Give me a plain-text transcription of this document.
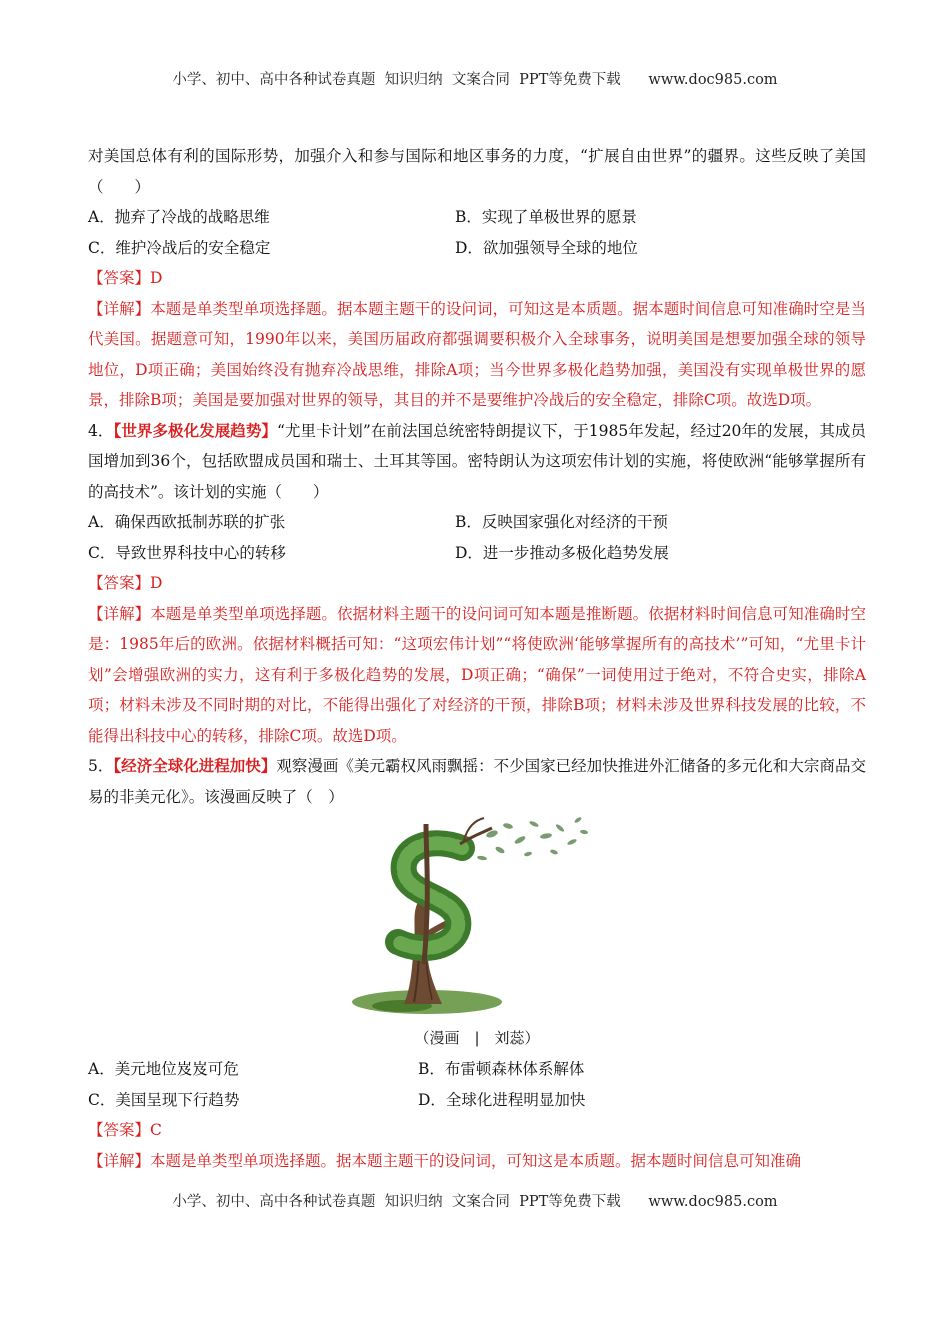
小学、初中、高中各种试卷真题  知识归纳  文案合同  PPT等免费下载      www.doc985.com

对美国总体有利的国际形势，加强介入和参与国际和地区事务的力度，“扩展自由世界”的疆界。这些反映了美国（　　）

A．抛弃了冷战的战略思维	B．实现了单极世界的愿景
C．维护冷战后的安全稳定	D．欲加强领导全球的地位

【答案】D

【详解】本题是单类型单项选择题。据本题主题干的设问词，可知这是本质题。据本题时间信息可知准确时空是当代美国。据题意可知，1990年以来，美国历届政府都强调要积极介入全球事务，说明美国是想要加强全球的领导地位，D项正确；美国始终没有抛弃冷战思维，排除A项；当今世界多极化趋势加强，美国没有实现单极世界的愿景，排除B项；美国是要加强对世界的领导，其目的并不是要维护冷战后的安全稳定，排除C项。故选D项。

4．【世界多极化发展趋势】“尤里卡计划”在前法国总统密特朗提议下，于1985年发起，经过20年的发展，其成员国增加到36个，包括欧盟成员国和瑞士、土耳其等国。密特朗认为这项宏伟计划的实施，将使欧洲“能够掌握所有的高技术”。该计划的实施（　　）

A．确保西欧抵制苏联的扩张	B．反映国家强化对经济的干预
C．导致世界科技中心的转移	D．进一步推动多极化趋势发展

【答案】D

【详解】本题是单类型单项选择题。依据材料主题干的设问词可知本题是推断题。依据材料时间信息可知准确时空是：1985年后的欧洲。依据材料概括可知：“这项宏伟计划”“将使欧洲‘能够掌握所有的高技术’”可知，“尤里卡计划”会增强欧洲的实力，这有利于多极化趋势的发展，D项正确；“确保”一词使用过于绝对，不符合史实，排除A项；材料未涉及不同时期的对比，不能得出强化了对经济的干预，排除B项；材料未涉及世界科技发展的比较，不能得出科技中心的转移，排除C项。故选D项。

5．【经济全球化进程加快】观察漫画《美元霸权风雨飘摇：不少国家已经加快推进外汇储备的多元化和大宗商品交易的非美元化》。该漫画反映了（　）

（漫画　|　刘蕊）
A．美元地位岌岌可危	B．布雷顿森林体系解体
C．美国呈现下行趋势	D．全球化进程明显加快

【答案】C

【详解】本题是单类型单项选择题。据本题主题干的设问词，可知这是本质题。据本题时间信息可知准确

小学、初中、高中各种试卷真题  知识归纳  文案合同  PPT等免费下载      www.doc985.com
